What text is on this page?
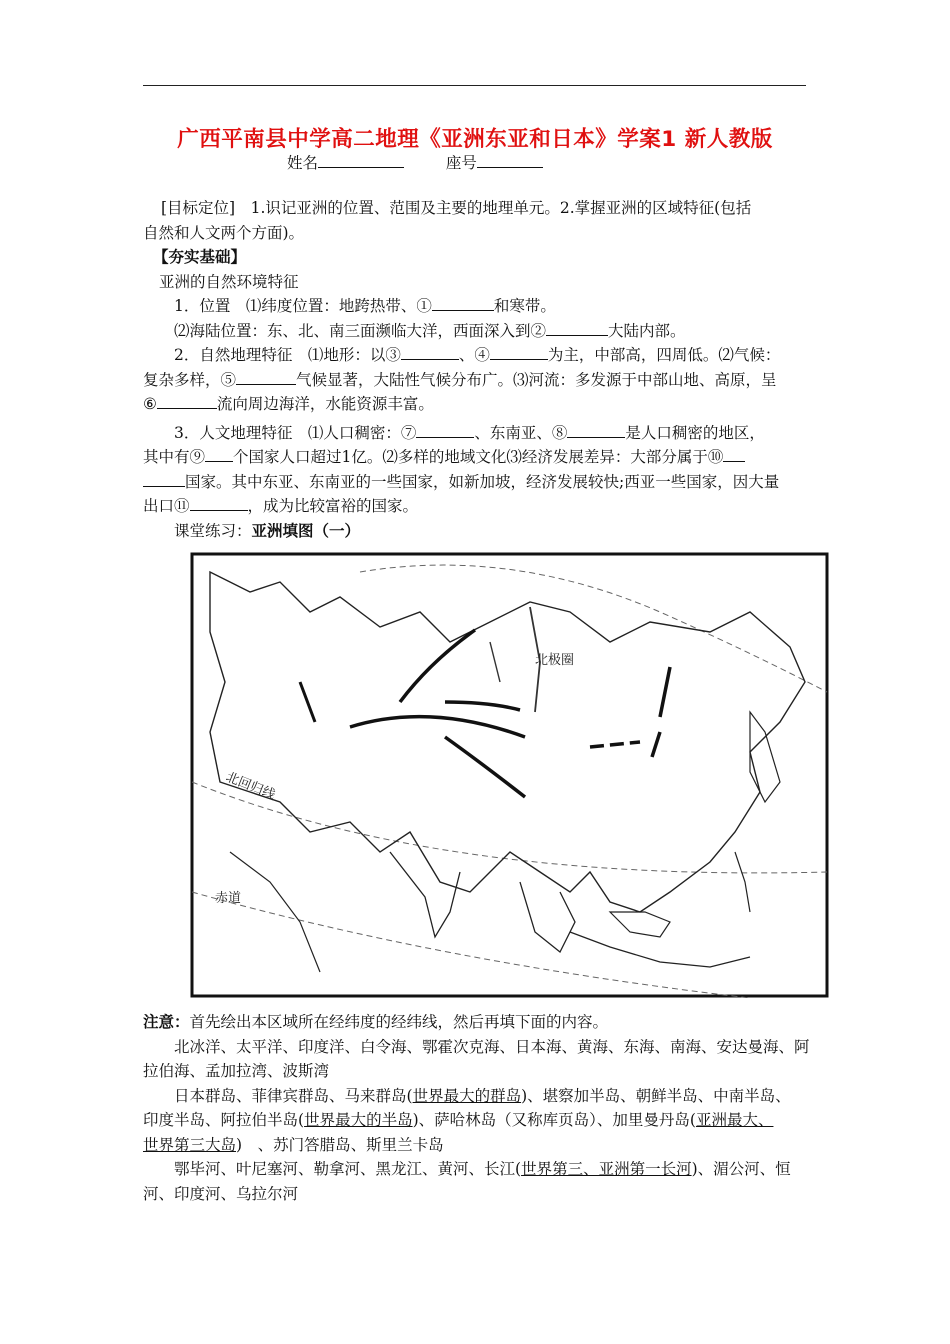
广西平南县中学高二地理《亚洲东亚和日本》学案1 新人教版
姓名	座号

[目标定位]　1.识记亚洲的位置、范围及主要的地理单元。2.掌握亚洲的区域特征(包括

自然和人文两个方面)。

【夯实基础】

亚洲的自然环境特征

1．位置　⑴纬度位置：地跨热带、①	和寒带。

⑵海陆位置：东、北、南三面濒临大洋，西面深入到②	大陆内部。

2．自然地理特征　⑴地形：以③	、④	为主，中部高，四周低。⑵气候：

复杂多样，⑤	气候显著，大陆性气候分布广。⑶河流：多发源于中部山地、高原，呈

⑥	流向周边海洋，水能资源丰富。

3．人文地理特征　⑴人口稠密：⑦	、东南亚、⑧	是人口稠密的地区，

其中有⑨ 个国家人口超过1亿。⑵多样的地域文化⑶经济发展差异：大部分属于⑩

国家。其中东亚、东南亚的一些国家，如新加坡，经济发展较快;西亚一些国家，因大量

出口⑪	，成为比较富裕的国家。

课堂练习：亚洲填图（一）

北极圈
北回归线
赤道

注意：首先绘出本区域所在经纬度的经纬线，然后再填下面的内容。

北冰洋、太平洋、印度洋、白令海、鄂霍次克海、日本海、黄海、东海、南海、安达曼海、阿

拉伯海、孟加拉湾、波斯湾

日本群岛、菲律宾群岛、马来群岛(世界最大的群岛)、堪察加半岛、朝鲜半岛、中南半岛、

印度半岛、阿拉伯半岛(世界最大的半岛)、萨哈林岛（又称库页岛）、加里曼丹岛(亚洲最大、

世界第三大岛)　、苏门答腊岛、斯里兰卡岛

鄂毕河、叶尼塞河、勒拿河、黑龙江、黄河、长江(世界第三、亚洲第一长河)、湄公河、恒

河、印度河、乌拉尔河
